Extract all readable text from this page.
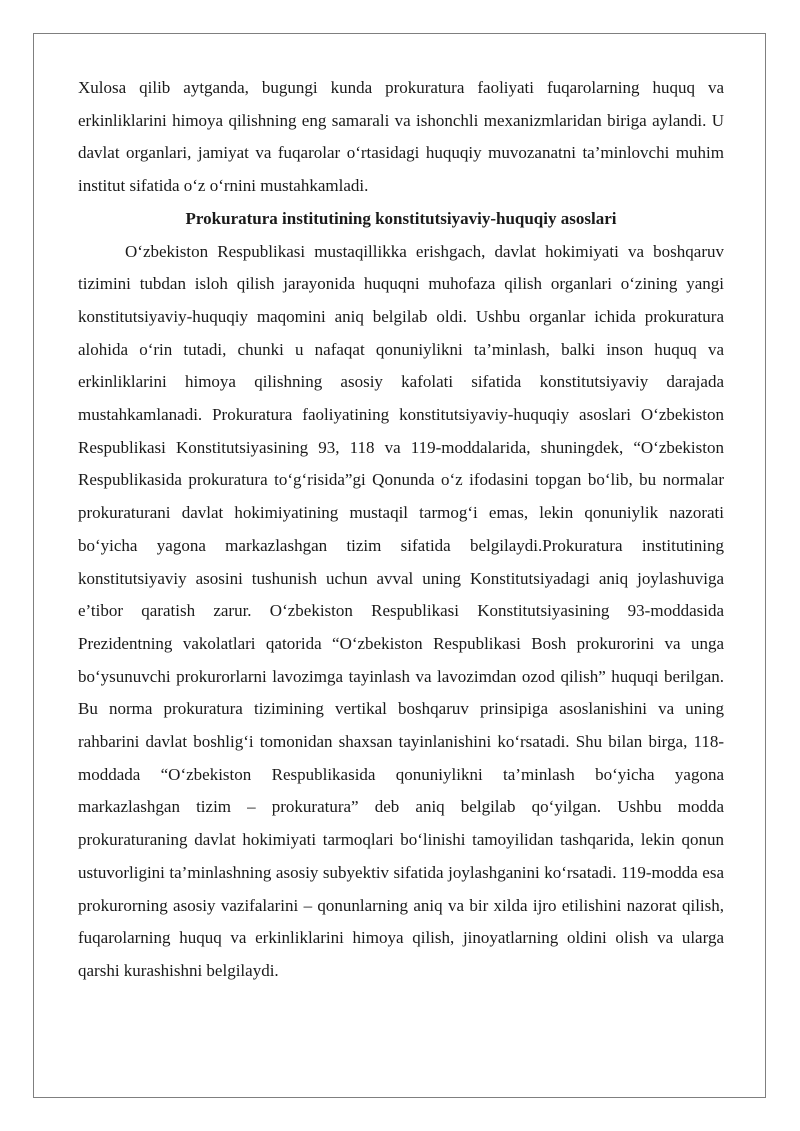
Xulosa qilib aytganda, bugungi kunda prokuratura faoliyati fuqarolarning huquq va erkinliklarini himoya qilishning eng samarali va ishonchli mexanizmlaridan biriga aylandi. U davlat organlari, jamiyat va fuqarolar o‘rtasidagi huquqiy muvozanatni ta’minlovchi muhim institut sifatida o‘z o‘rnini mustahkamladi.

Prokuratura institutining konstitutsiyaviy-huquqiy asoslari

O‘zbekiston Respublikasi mustaqillikka erishgach, davlat hokimiyati va boshqaruv tizimini tubdan isloh qilish jarayonida huquqni muhofaza qilish organlari o‘zining yangi konstitutsiyaviy-huquqiy maqomini aniq belgilab oldi. Ushbu organlar ichida prokuratura alohida o‘rin tutadi, chunki u nafaqat qonuniylikni ta’minlash, balki inson huquq va erkinliklarini himoya qilishning asosiy kafolati sifatida konstitutsiyaviy darajada mustahkamlanadi. Prokuratura faoliyatining konstitutsiyaviy-huquqiy asoslari O‘zbekiston Respublikasi Konstitutsiyasining 93, 118 va 119-moddalarida, shuningdek, “O‘zbekiston Respublikasida prokuratura to‘g‘risida”gi Qonunda o‘z ifodasini topgan bo‘lib, bu normalar prokuraturani davlat hokimiyatining mustaqil tarmog‘i emas, lekin qonuniylik nazorati bo‘yicha yagona markazlashgan tizim sifatida belgilaydi.Prokuratura institutining konstitutsiyaviy asosini tushunish uchun avval uning Konstitutsiyadagi aniq joylashuviga e’tibor qaratish zarur. O‘zbekiston Respublikasi Konstitutsiyasining 93-moddasida Prezidentning vakolatlari qatorida “O‘zbekiston Respublikasi Bosh prokurorini va unga bo‘ysunuvchi prokurorlarni lavozimga tayinlash va lavozimdan ozod qilish” huquqi berilgan. Bu norma prokuratura tizimining vertikal boshqaruv prinsipiga asoslanishini va uning rahbarini davlat boshlig‘i tomonidan shaxsan tayinlanishini ko‘rsatadi. Shu bilan birga, 118-moddada “O‘zbekiston Respublikasida qonuniylikni ta’minlash bo‘yicha yagona markazlashgan tizim – prokuratura” deb aniq belgilab qo‘yilgan. Ushbu modda prokuraturaning davlat hokimiyati tarmoqlari bo‘linishi tamoyilidan tashqarida, lekin qonun ustuvorligini ta’minlashning asosiy subyektiv sifatida joylashganini ko‘rsatadi. 119-modda esa prokurorning asosiy vazifalarini – qonunlarning aniq va bir xilda ijro etilishini nazorat qilish, fuqarolarning huquq va erkinliklarini himoya qilish, jinoyatlarning oldini olish va ularga qarshi kurashishni belgilaydi.
